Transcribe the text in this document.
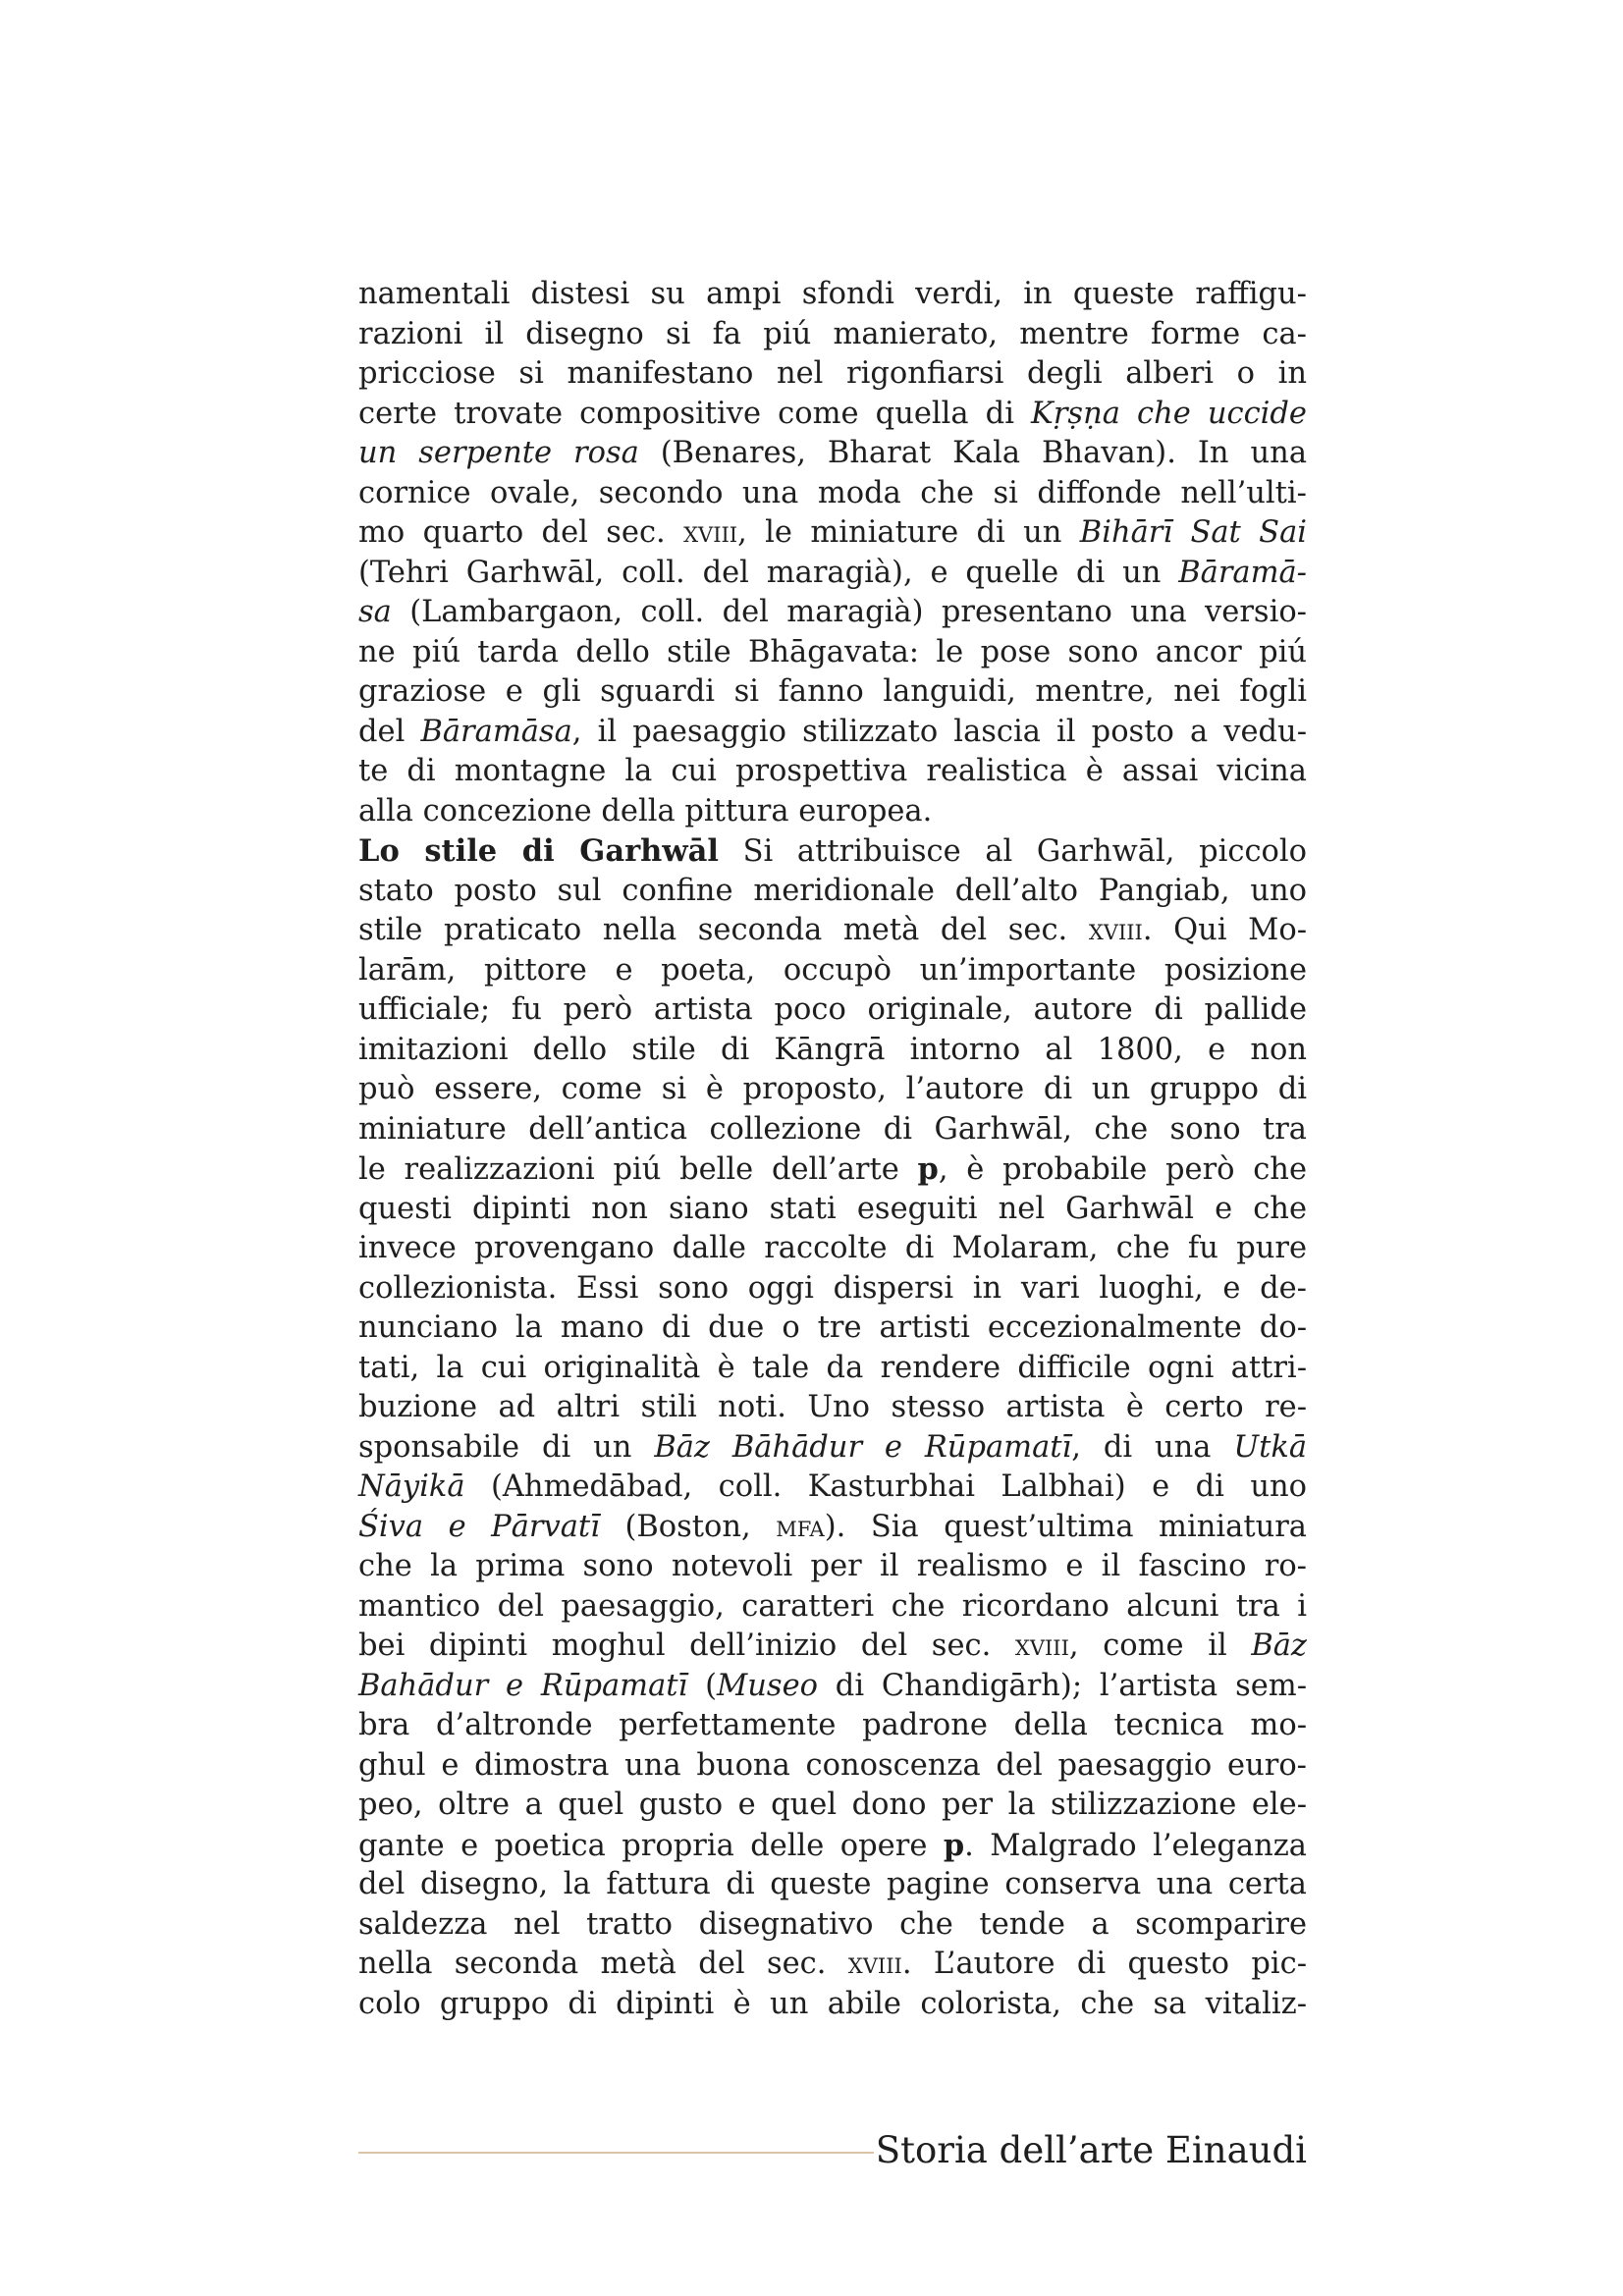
namentali distesi su ampi sfondi verdi, in queste raffigu-
razioni il disegno si fa piú manierato, mentre forme ca-
pricciose si manifestano nel rigonfiarsi degli alberi o in
certe trovate compositive come quella di Kṛṣṇa che uccide
un serpente rosa (Benares, Bharat Kala Bhavan). In una
cornice ovale, secondo una moda che si diffonde nell’ulti-
mo quarto del sec. xviii, le miniature di un Bihārī Sat Sai
(Tehri Garhwāl, coll. del maragià), e quelle di un Bāramā-
sa (Lambargaon, coll. del maragià) presentano una versio-
ne piú tarda dello stile Bhāgavata: le pose sono ancor piú
graziose e gli sguardi si fanno languidi, mentre, nei fogli
del Bāramāsa, il paesaggio stilizzato lascia il posto a vedu-
te di montagne la cui prospettiva realistica è assai vicina
alla concezione della pittura europea.
Lo stile di Garhwāl Si attribuisce al Garhwāl, piccolo
stato posto sul confine meridionale dell’alto Pangiab, uno
stile praticato nella seconda metà del sec. xviii. Qui Mo-
larām, pittore e poeta, occupò un’importante posizione
ufficiale; fu però artista poco originale, autore di pallide
imitazioni dello stile di Kāngrā intorno al 1800, e non
può essere, come si è proposto, l’autore di un gruppo di
miniature dell’antica collezione di Garhwāl, che sono tra
le realizzazioni piú belle dell’arte p, è probabile però che
questi dipinti non siano stati eseguiti nel Garhwāl e che
invece provengano dalle raccolte di Molaram, che fu pure
collezionista. Essi sono oggi dispersi in vari luoghi, e de-
nunciano la mano di due o tre artisti eccezionalmente do-
tati, la cui originalità è tale da rendere difficile ogni attri-
buzione ad altri stili noti. Uno stesso artista è certo re-
sponsabile di un Bāz Bāhādur e Rūpamatī, di una Utkā
Nāyikā (Ahmedābad, coll. Kasturbhai Lalbhai) e di uno
Śiva e Pārvatī (Boston, mfa). Sia quest’ultima miniatura
che la prima sono notevoli per il realismo e il fascino ro-
mantico del paesaggio, caratteri che ricordano alcuni tra i
bei dipinti moghul dell’inizio del sec. xviii, come il Bāz
Bahādur e Rūpamatī (Museo di Chandigārh); l’artista sem-
bra d’altronde perfettamente padrone della tecnica mo-
ghul e dimostra una buona conoscenza del paesaggio euro-
peo, oltre a quel gusto e quel dono per la stilizzazione ele-
gante e poetica propria delle opere p. Malgrado l’eleganza
del disegno, la fattura di queste pagine conserva una certa
saldezza nel tratto disegnativo che tende a scomparire
nella seconda metà del sec. xviii. L’autore di questo pic-
colo gruppo di dipinti è un abile colorista, che sa vitaliz-
Storia dell’arte Einaudi
